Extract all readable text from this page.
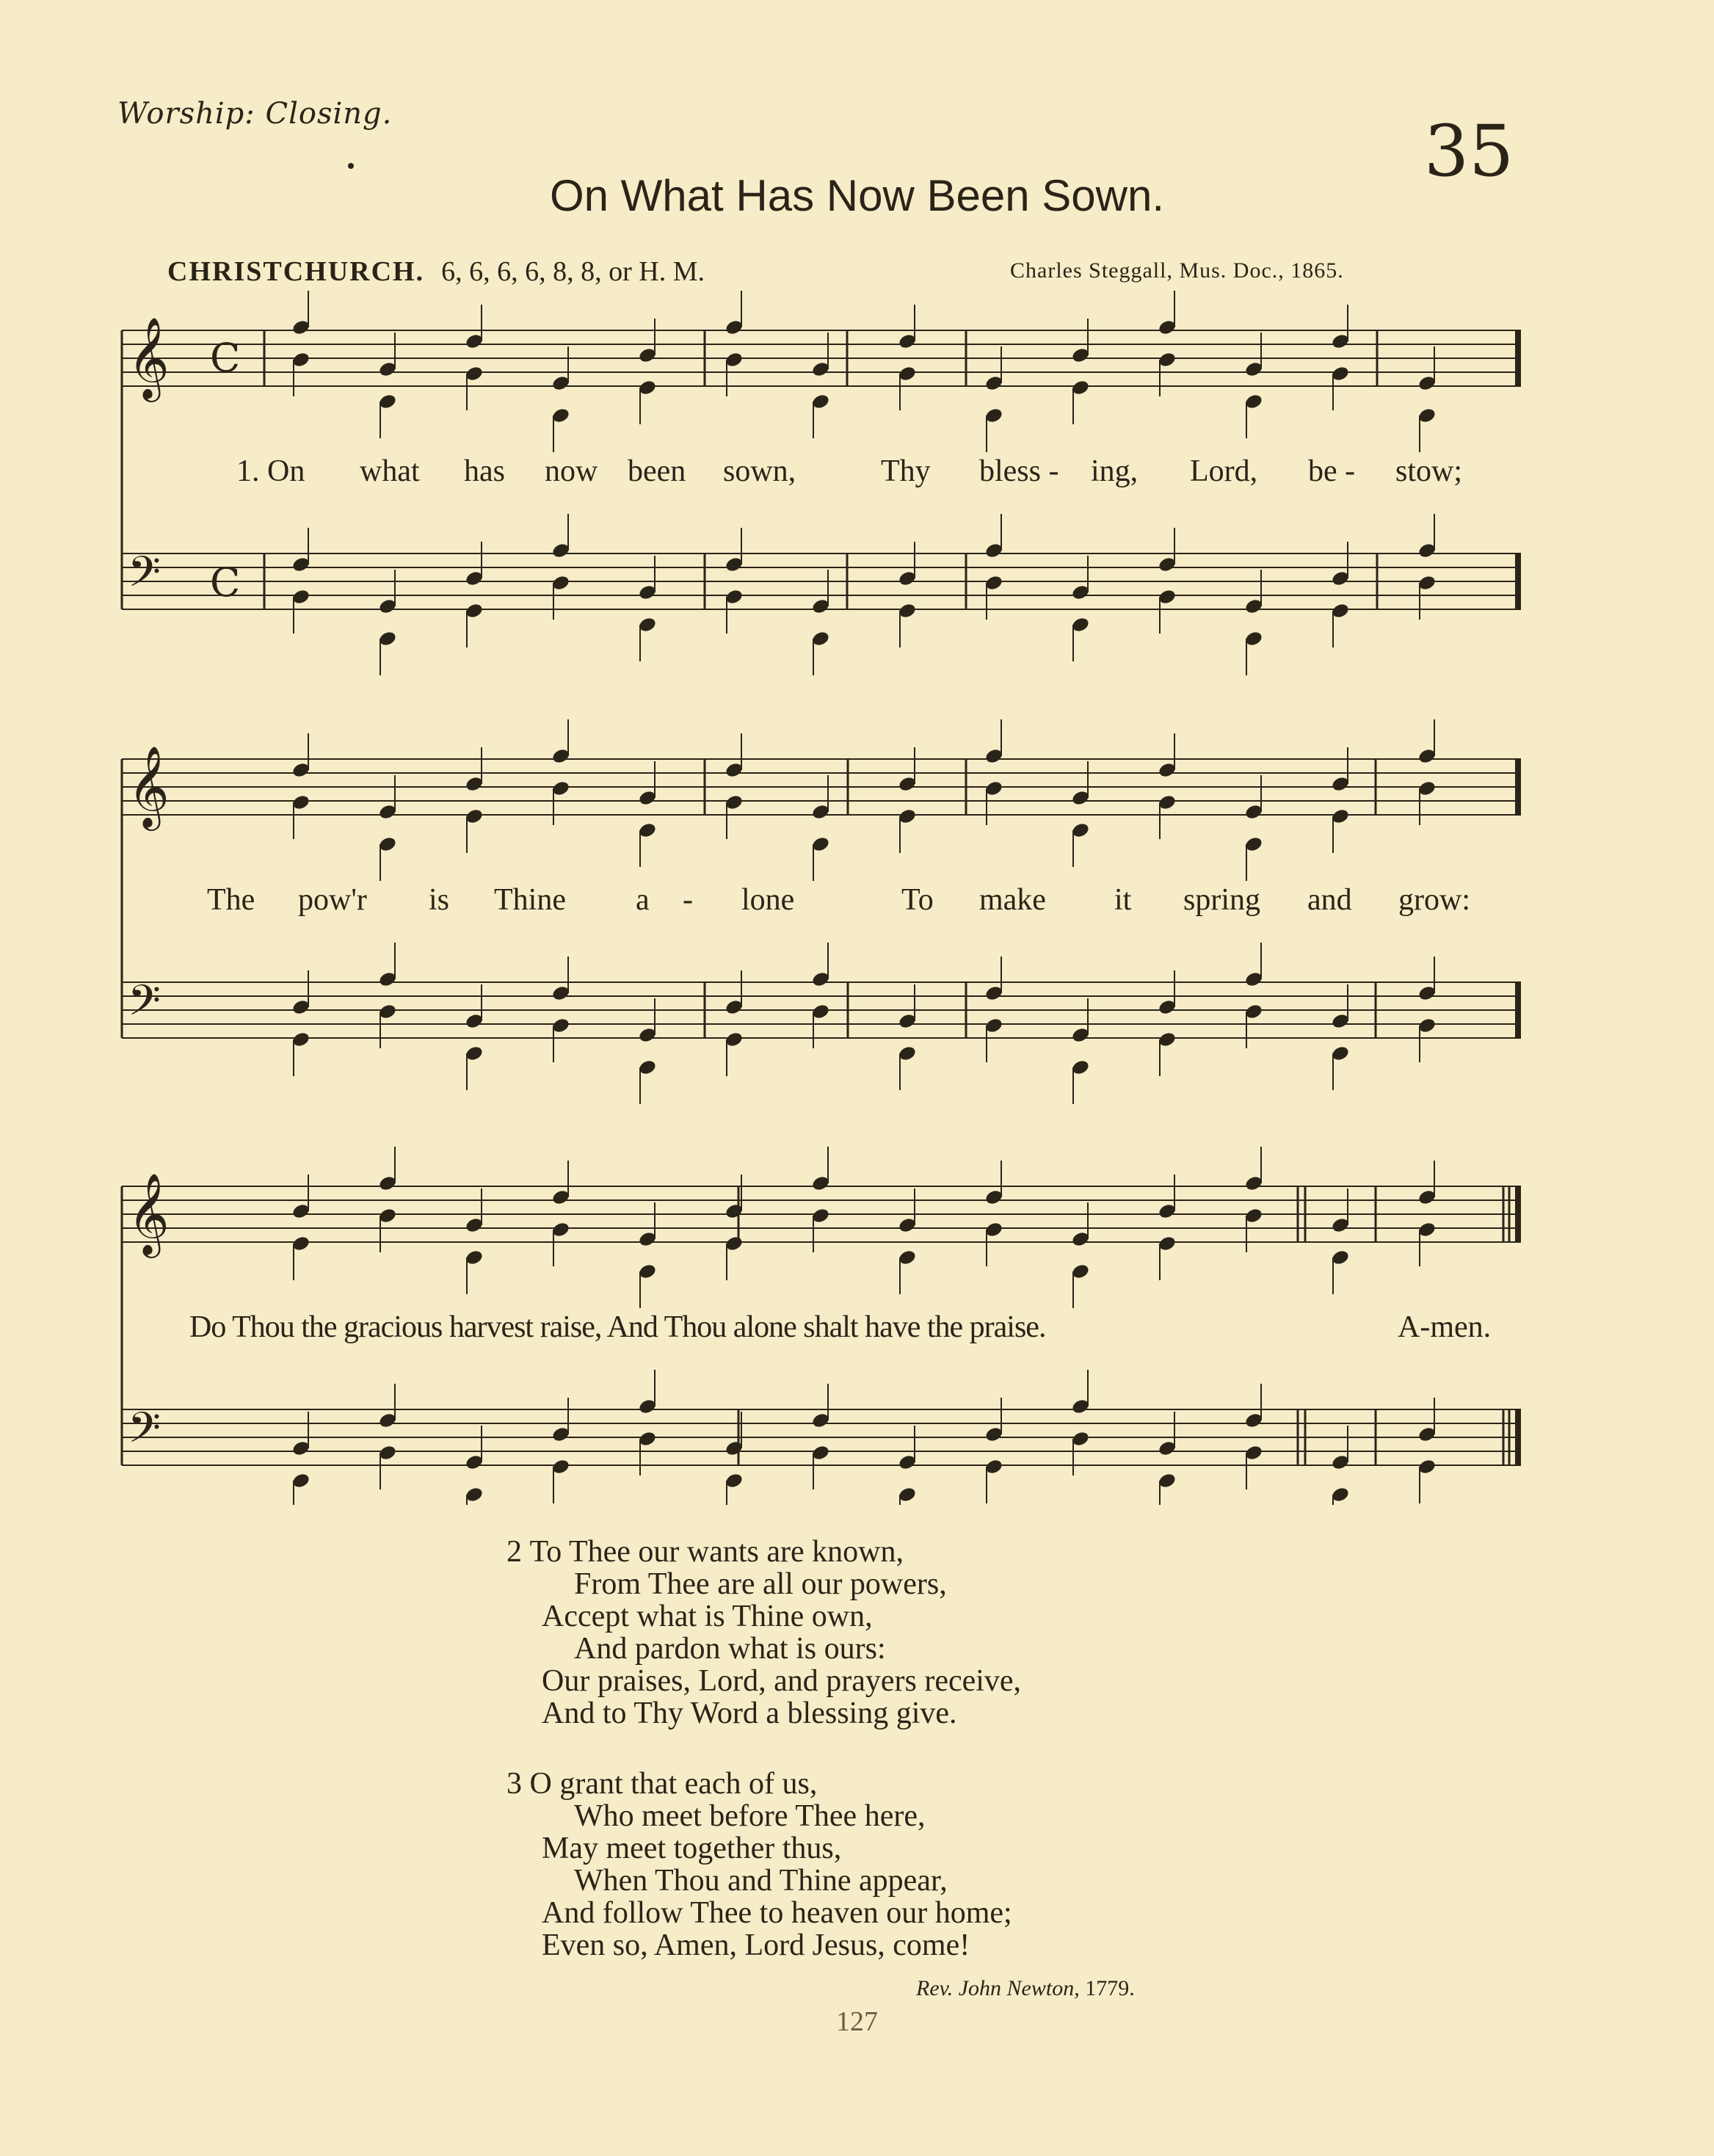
Worship: Closing.	35
On What Has Now Been Sown.
CHRISTCHURCH. 6, 6, 6, 6, 8, 8, or H. M.	Charles Steggall, Mus. Doc., 1865.
𝄞 C
𝄢 C
𝄞
𝄢
𝄞
𝄢
1. On what has now been sown,	Thy bless - ing, Lord, be - stow;
The pow'r is Thine a - lone	To make it spring and grow:
Do Thou the gracious harvest raise, And Thou alone shalt have the praise.	A-men.
2 To Thee our wants are known,
From Thee are all our powers,
Accept what is Thine own,
And pardon what is ours:
Our praises, Lord, and prayers receive,
And to Thy Word a blessing give.
3 O grant that each of us,
Who meet before Thee here,
May meet together thus,
When Thou and Thine appear,
And follow Thee to heaven our home;
Even so, Amen, Lord Jesus, come!
Rev. John Newton, 1779.
127
